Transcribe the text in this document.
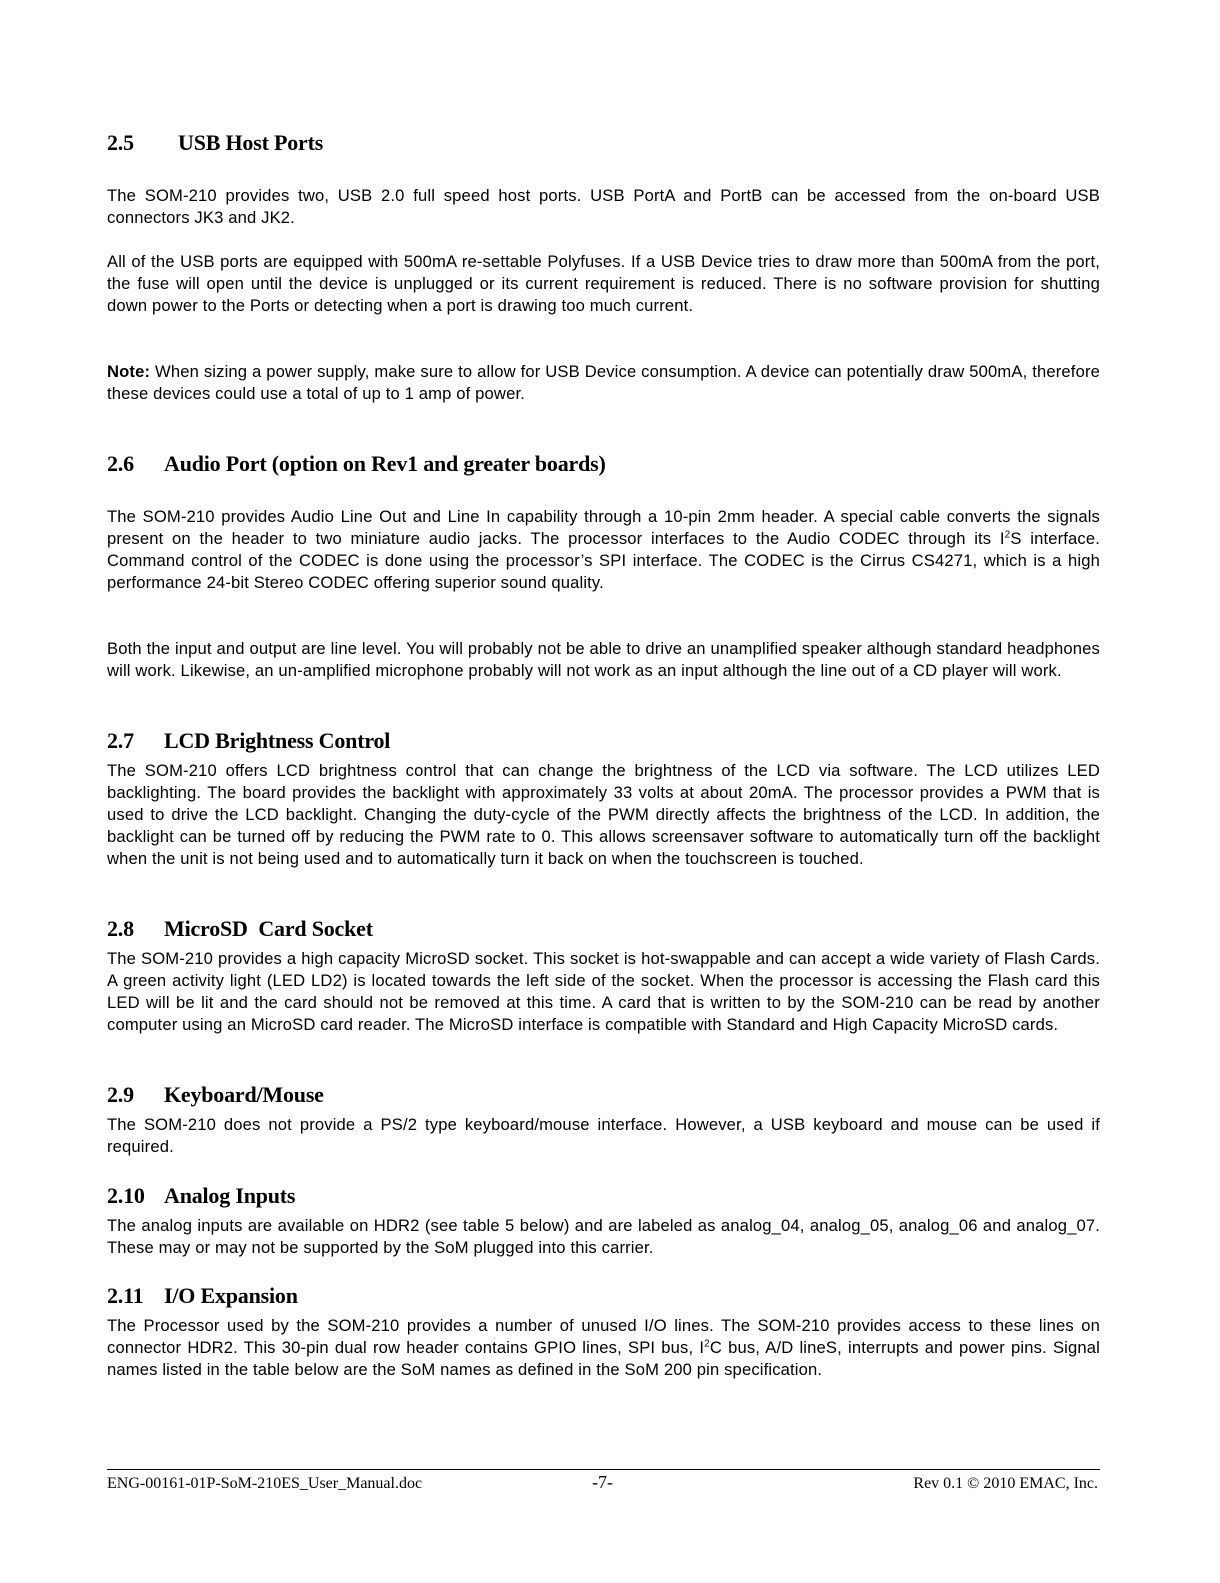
2.5 USB Host Ports

The SOM-210 provides two, USB 2.0 full speed host ports. USB PortA and PortB can be accessed from the on-board USB connectors JK3 and JK2.

All of the USB ports are equipped with 500mA re-settable Polyfuses. If a USB Device tries to draw more than 500mA from the port, the fuse will open until the device is unplugged or its current requirement is reduced. There is no software provision for shutting down power to the Ports or detecting when a port is drawing too much current.

Note: When sizing a power supply, make sure to allow for USB Device consumption. A device can potentially draw 500mA, therefore these devices could use a total of up to 1 amp of power.

2.6 Audio Port (option on Rev1 and greater boards)

The SOM-210 provides Audio Line Out and Line In capability through a 10-pin 2mm header. A special cable converts the signals present on the header to two miniature audio jacks. The processor interfaces to the Audio CODEC through its $I^2S$ interface. Command control of the CODEC is done using the processor’s SPI interface. The CODEC is the Cirrus CS4271, which is a high performance 24-bit Stereo CODEC offering superior sound quality.

Both the input and output are line level. You will probably not be able to drive an unamplified speaker although standard headphones will work. Likewise, an un-amplified microphone probably will not work as an input although the line out of a CD player will work.

2.7 LCD Brightness Control

The SOM-210 offers LCD brightness control that can change the brightness of the LCD via software. The LCD utilizes LED backlighting. The board provides the backlight with approximately 33 volts at about 20mA. The processor provides a PWM that is used to drive the LCD backlight. Changing the duty-cycle of the PWM directly affects the brightness of the LCD. In addition, the backlight can be turned off by reducing the PWM rate to 0. This allows screensaver software to automatically turn off the backlight when the unit is not being used and to automatically turn it back on when the touchscreen is touched.

2.8 MicroSD  Card Socket

The SOM-210 provides a high capacity MicroSD socket. This socket is hot-swappable and can accept a wide variety of Flash Cards. A green activity light (LED LD2) is located towards the left side of the socket. When the processor is accessing the Flash card this LED will be lit and the card should not be removed at this time. A card that is written to by the SOM-210 can be read by another computer using an MicroSD card reader. The MicroSD interface is compatible with Standard and High Capacity MicroSD cards.

2.9 Keyboard/Mouse

The SOM-210 does not provide a PS/2 type keyboard/mouse interface. However, a USB keyboard and mouse can be used if required.

2.10 Analog Inputs

The analog inputs are available on HDR2 (see table 5 below) and are labeled as analog_04, analog_05, analog_06 and analog_07. These may or may not be supported by the SoM plugged into this carrier.

2.11 I/O Expansion

The Processor used by the SOM-210 provides a number of unused I/O lines. The SOM-210 provides access to these lines on connector HDR2. This 30-pin dual row header contains GPIO lines, SPI bus, $I^2C$ bus, A/D lineS, interrupts and power pins. Signal names listed in the table below are the SoM names as defined in the SoM 200 pin specification.

ENG-00161-01P-SoM-210ES_User_Manual.doc	-7-	Rev 0.1 © 2010 EMAC, Inc.
